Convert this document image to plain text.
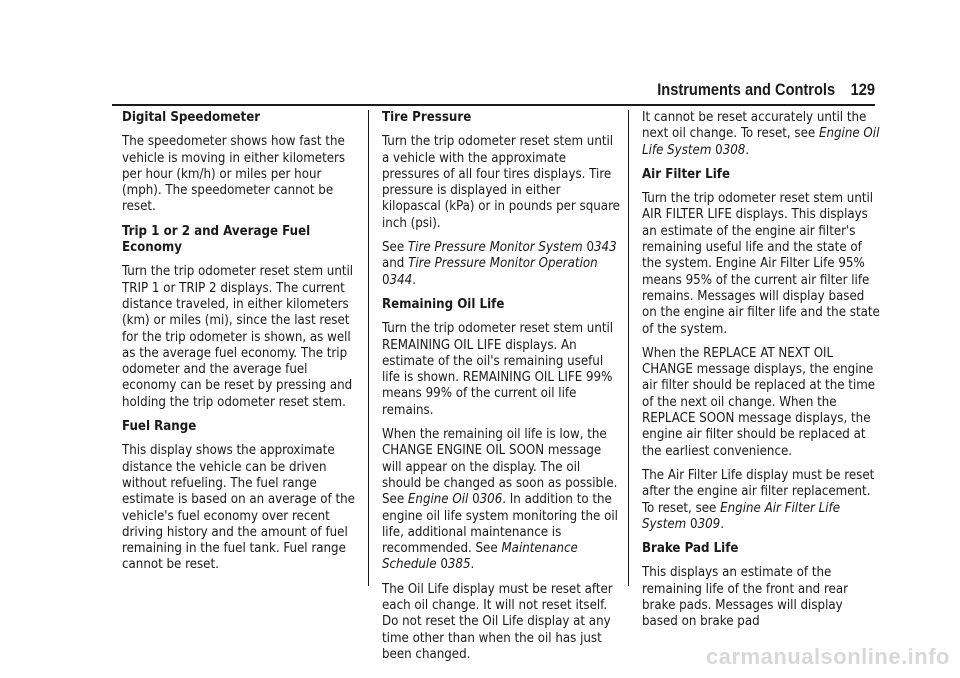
Instruments and Controls 129
Digital Speedometer

The speedometer shows how fast the vehicle is moving in either kilometers per hour (km/h) or miles per hour (mph). The speedometer cannot be reset.

Trip 1 or 2 and Average Fuel Economy

Turn the trip odometer reset stem until TRIP 1 or TRIP 2 displays. The current distance traveled, in either kilometers (km) or miles (mi), since the last reset for the trip odometer is shown, as well as the average fuel economy. The trip odometer and the average fuel economy can be reset by pressing and holding the trip odometer reset stem.

Fuel Range

This display shows the approximate distance the vehicle can be driven without refueling. The fuel range estimate is based on an average of the vehicle's fuel economy over recent driving history and the amount of fuel remaining in the fuel tank. Fuel range cannot be reset.

Tire Pressure

Turn the trip odometer reset stem until a vehicle with the approximate pressures of all four tires displays. Tire pressure is displayed in either kilopascal (kPa) or in pounds per square inch (psi).

See Tire Pressure Monitor System 0343 and Tire Pressure Monitor Operation 0344.

Remaining Oil Life

Turn the trip odometer reset stem until REMAINING OIL LIFE displays. An estimate of the oil's remaining useful life is shown. REMAINING OIL LIFE 99% means 99% of the current oil life remains.

When the remaining oil life is low, the CHANGE ENGINE OIL SOON message will appear on the display. The oil should be changed as soon as possible. See Engine Oil 0306. In addition to the engine oil life system monitoring the oil life, additional maintenance is recommended. See Maintenance Schedule 0385.

The Oil Life display must be reset after each oil change. It will not reset itself. Do not reset the Oil Life display at any time other than when the oil has just been changed.

It cannot be reset accurately until the next oil change. To reset, see Engine Oil Life System 0308.

Air Filter Life

Turn the trip odometer reset stem until AIR FILTER LIFE displays. This displays an estimate of the engine air filter's remaining useful life and the state of the system. Engine Air Filter Life 95% means 95% of the current air filter life remains. Messages will display based on the engine air filter life and the state of the system.

When the REPLACE AT NEXT OIL CHANGE message displays, the engine air filter should be replaced at the time of the next oil change. When the REPLACE SOON message displays, the engine air filter should be replaced at the earliest convenience.

The Air Filter Life display must be reset after the engine air filter replacement. To reset, see Engine Air Filter Life System 0309.

Brake Pad Life

This displays an estimate of the remaining life of the front and rear brake pads. Messages will display based on brake pad

carmanualsonline.info
